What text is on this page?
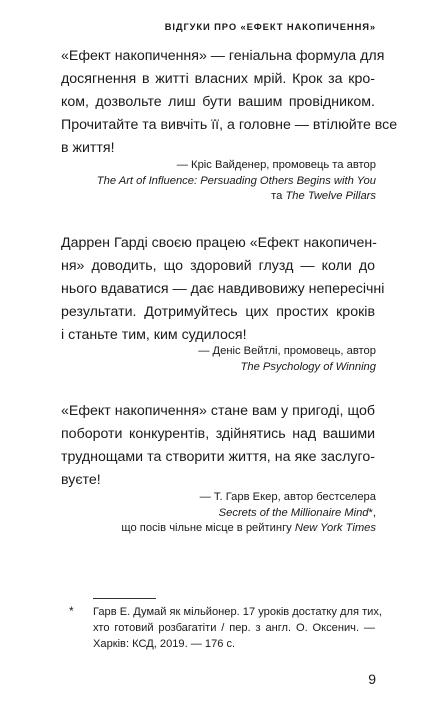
ВІДГУКИ ПРО «ЕФЕКТ НАКОПИЧЕННЯ»
«Ефект накопичення» — геніальна формула для
досягнення в житті власних мрій. Крок за кро-
ком, дозвольте лиш бути вашим провідником.
Прочитайте та вивчіть її, а головне — втілюйте все
в життя!
— Кріс Вайденер, промовець та автор
The Art of Influence: Persuading Others Begins with You
та The Twelve Pillars
Даррен Гарді своєю працею «Ефект накопичен-
ня» доводить, що здоровий глузд — коли до
нього вдаватися — дає навдивовижу непересічні
результати. Дотримуйтесь цих простих кроків
і станьте тим, ким судилося!
— Деніс Вейтлі, промовець, автор
The Psychology of Winning
«Ефект накопичення» стане вам у пригоді, щоб
побороти конкурентів, здійнятись над вашими
труднощами та створити життя, на яке заслуго-
вуєте!
— Т. Гарв Екер, автор бестселера
Secrets of the Millionaire Mind*,
що посів чільне місце в рейтингу New York Times
* Гарв Е. Думай як мільйонер. 17 уроків достатку для тих,
хто готовий розбагатіти / пер. з англ. О. Оксенич. —
Харків: КСД, 2019. — 176 с.
9
